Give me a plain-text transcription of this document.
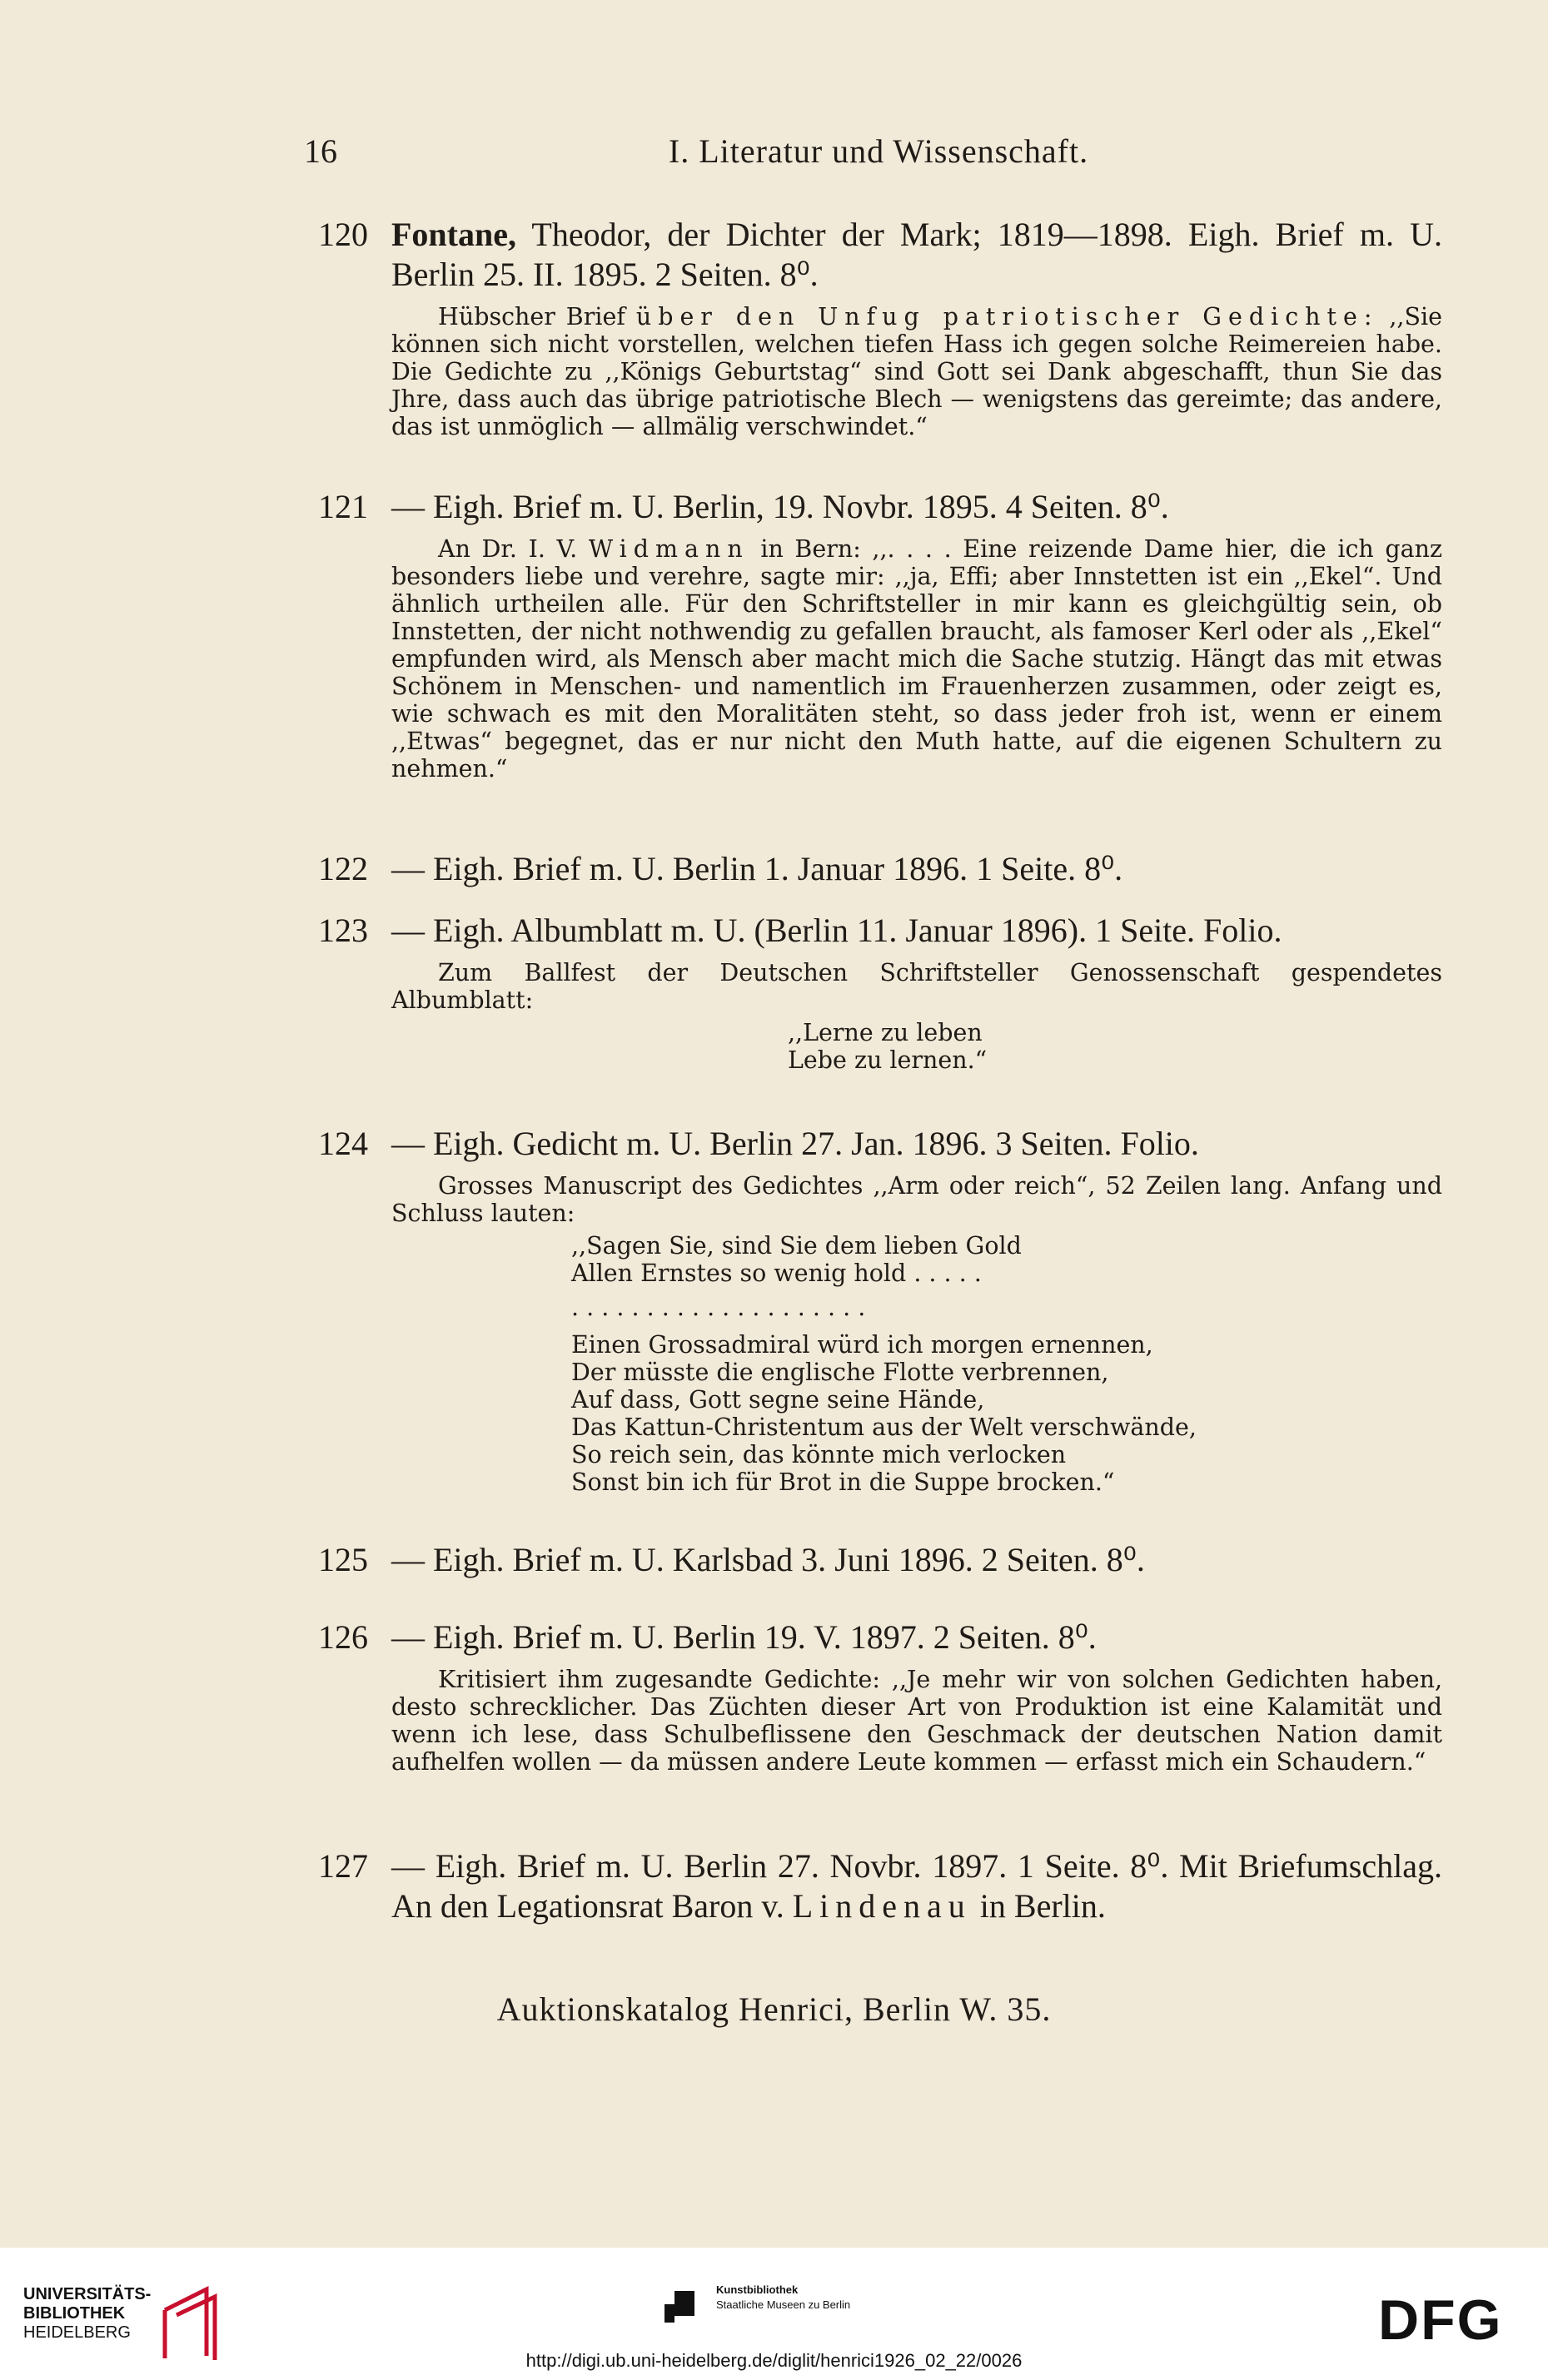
16	I. Literatur und Wissenschaft.
120 Fontane, Theodor, der Dichter der Mark; 1819—1898. Eigh. Brief m. U. Berlin 25. II. 1895. 2 Seiten. 8⁰.

Hübscher Brief über den Unfug patriotischer Gedichte: ,,Sie können sich nicht vorstellen, welchen tiefen Hass ich gegen solche Reimereien habe. Die Gedichte zu ,,Königs Geburtstag“ sind Gott sei Dank abgeschafft, thun Sie das Jhre, dass auch das übrige patriotische Blech — wenigstens das gereimte; das andere, das ist unmöglich — allmälig verschwindet.“

121 — Eigh. Brief m. U. Berlin, 19. Novbr. 1895. 4 Seiten. 8⁰.

An Dr. I. V. Widmann in Bern: ,,. . . . Eine reizende Dame hier, die ich ganz besonders liebe und verehre, sagte mir: ,,ja, Effi; aber Innstetten ist ein ,,Ekel“. Und ähnlich urtheilen alle. Für den Schriftsteller in mir kann es gleichgültig sein, ob Innstetten, der nicht nothwendig zu gefallen braucht, als famoser Kerl oder als ,,Ekel“ empfunden wird, als Mensch aber macht mich die Sache stutzig. Hängt das mit etwas Schönem in Menschen- und namentlich im Frauenherzen zusammen, oder zeigt es, wie schwach es mit den Moralitäten steht, so dass jeder froh ist, wenn er einem ,,Etwas“ begegnet, das er nur nicht den Muth hatte, auf die eigenen Schultern zu nehmen.“

122 — Eigh. Brief m. U. Berlin 1. Januar 1896. 1 Seite. 8⁰.
123 — Eigh. Albumblatt m. U. (Berlin 11. Januar 1896). 1 Seite. Folio.

Zum Ballfest der Deutschen Schriftsteller Genossenschaft gespendetes Albumblatt:

,,Lerne zu leben

Lebe zu lernen.“

124 — Eigh. Gedicht m. U. Berlin 27. Jan. 1896. 3 Seiten. Folio.

Grosses Manuscript des Gedichtes ,,Arm oder reich“, 52 Zeilen lang. Anfang und Schluss lauten:

,,Sagen Sie, sind Sie dem lieben Gold

Allen Ernstes so wenig hold . . . . .

. . . . . . . . . . . . . . . . . . . .

Einen Grossadmiral würd ich morgen ernennen,

Der müsste die englische Flotte verbrennen,

Auf dass, Gott segne seine Hände,

Das Kattun-Christentum aus der Welt verschwände,

So reich sein, das könnte mich verlocken

Sonst bin ich für Brot in die Suppe brocken.“

125 — Eigh. Brief m. U. Karlsbad 3. Juni 1896. 2 Seiten. 8⁰.
126 — Eigh. Brief m. U. Berlin 19. V. 1897. 2 Seiten. 8⁰.

Kritisiert ihm zugesandte Gedichte: ,,Je mehr wir von solchen Gedichten haben, desto schrecklicher. Das Züchten dieser Art von Produktion ist eine Kalamität und wenn ich lese, dass Schulbeflissene den Geschmack der deutschen Nation damit aufhelfen wollen — da müssen andere Leute kommen — erfasst mich ein Schaudern.“

127 — Eigh. Brief m. U. Berlin 27. Novbr. 1897. 1 Seite. 8⁰. Mit Briefumschlag. An den Legationsrat Baron v. Lindenau in Berlin.
Auktionskatalog Henrici, Berlin W. 35.
UNIVERSITÄTS-
BIBLIOTHEK
HEIDELBERG
Kunstbibliothek
Staatliche Museen zu Berlin	DFG
http://digi.ub.uni-heidelberg.de/diglit/henrici1926_02_22/0026
